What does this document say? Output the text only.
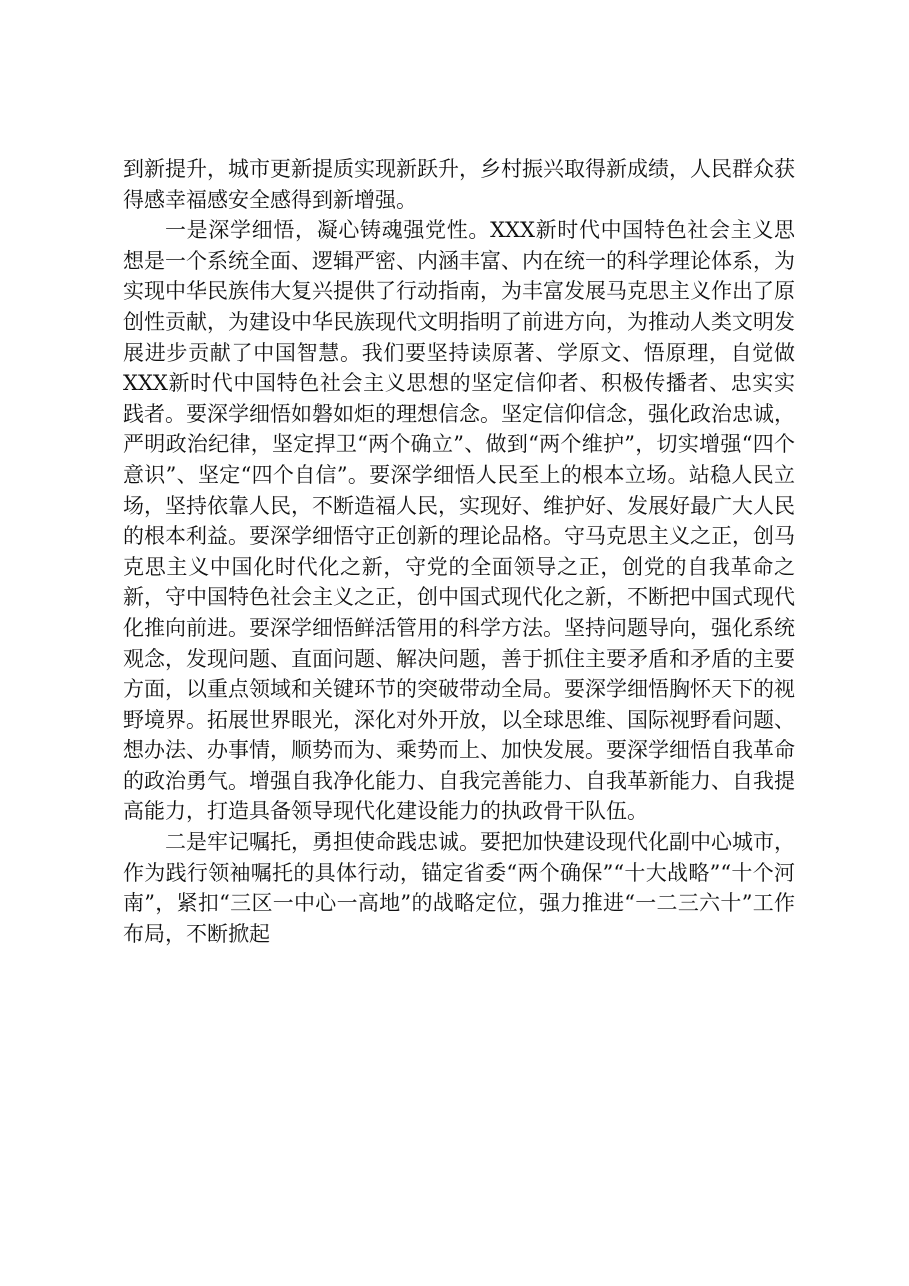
到新提升，城市更新提质实现新跃升，乡村振兴取得新成绩，人民群众获得感幸福感安全感得到新增强。

一是深学细悟，凝心铸魂强党性。XXX新时代中国特色社会主义思想是一个系统全面、逻辑严密、内涵丰富、内在统一的科学理论体系，为实现中华民族伟大复兴提供了行动指南，为丰富发展马克思主义作出了原创性贡献，为建设中华民族现代文明指明了前进方向，为推动人类文明发展进步贡献了中国智慧。我们要坚持读原著、学原文、悟原理，自觉做XXX新时代中国特色社会主义思想的坚定信仰者、积极传播者、忠实实践者。要深学细悟如磐如炬的理想信念。坚定信仰信念，强化政治忠诚，严明政治纪律，坚定捍卫“两个确立”、做到“两个维护”，切实增强“四个意识”、坚定“四个自信”。要深学细悟人民至上的根本立场。站稳人民立场，坚持依靠人民，不断造福人民，实现好、维护好、发展好最广大人民的根本利益。要深学细悟守正创新的理论品格。守马克思主义之正，创马克思主义中国化时代化之新，守党的全面领导之正，创党的自我革命之新，守中国特色社会主义之正，创中国式现代化之新，不断把中国式现代化推向前进。要深学细悟鲜活管用的科学方法。坚持问题导向，强化系统观念，发现问题、直面问题、解决问题，善于抓住主要矛盾和矛盾的主要方面，以重点领域和关键环节的突破带动全局。要深学细悟胸怀天下的视野境界。拓展世界眼光，深化对外开放，以全球思维、国际视野看问题、想办法、办事情，顺势而为、乘势而上、加快发展。要深学细悟自我革命的政治勇气。增强自我净化能力、自我完善能力、自我革新能力、自我提高能力，打造具备领导现代化建设能力的执政骨干队伍。

二是牢记嘱托，勇担使命践忠诚。要把加快建设现代化副中心城市，作为践行领袖嘱托的具体行动，锚定省委“两个确保”“十大战略”“十个河南”，紧扣“三区一中心一高地”的战略定位，强力推进“一二三六十”工作布局，不断掀起
